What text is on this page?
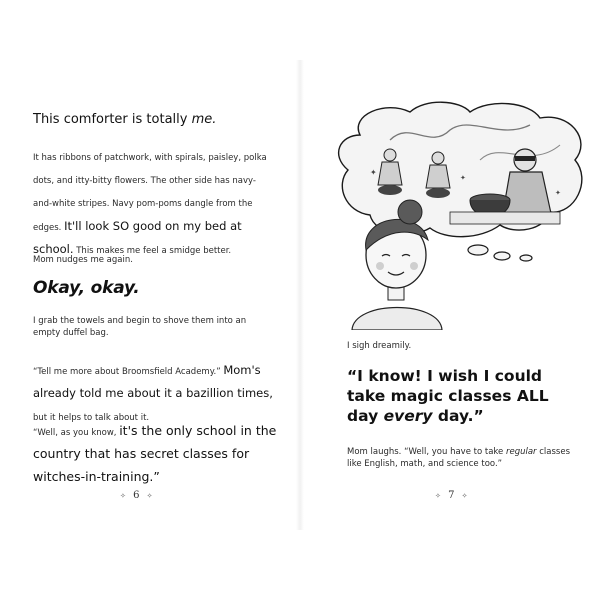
This comforter is totally me.

It has ribbons of patchwork, with spirals, paisley, polka dots, and itty-bitty flowers. The other side has navy-and-white stripes. Navy pom-poms dangle from the edges. It'll look SO good on my bed at school. This makes me feel a smidge better.

Mom nudges me again.

Okay, okay.

I grab the towels and begin to shove them into an empty duffel bag.

“Tell me more about Broomsfield Academy.” Mom's already told me about it a bazillion times, but it helps to talk about it.

“Well, as you know, it's the only school in the country that has secret classes for witches-in-training.”

✧ 6 ✧
✦
✦
✦

I sigh dreamily.

“I know! I wish I could take magic classes ALL day every day.”

Mom laughs. “Well, you have to take regular classes like English, math, and science too.”

✧ 7 ✧
